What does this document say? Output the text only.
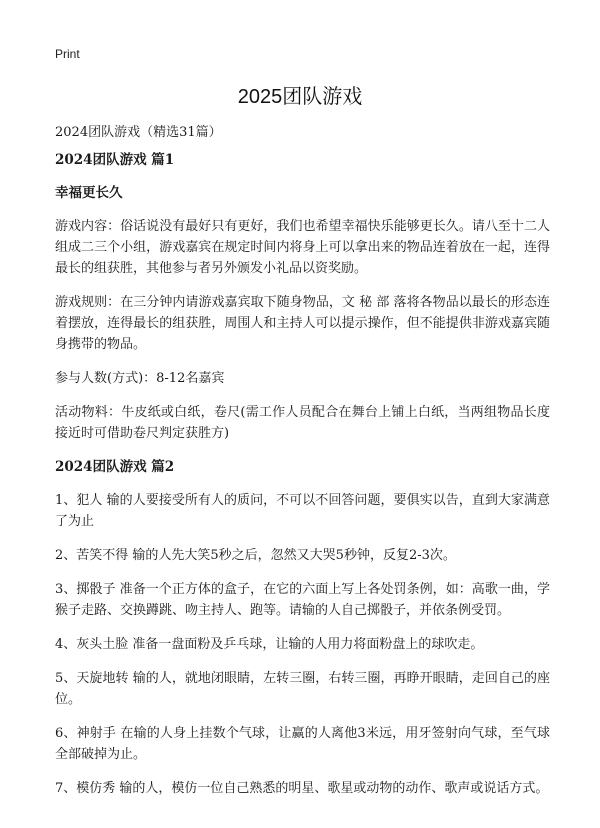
Print
2025团队游戏
2024团队游戏（精选31篇）
2024团队游戏 篇1
幸福更长久

游戏内容：俗话说没有最好只有更好，我们也希望幸福快乐能够更长久。请八至十二人组成二三个小组，游戏嘉宾在规定时间内将身上可以拿出来的物品连着放在一起，连得最长的组获胜，其他参与者另外颁发小礼品以资奖励。

游戏规则：在三分钟内请游戏嘉宾取下随身物品，文 秘 部 落将各物品以最长的形态连着摆放，连得最长的组获胜，周围人和主持人可以提示操作，但不能提供非游戏嘉宾随身携带的物品。

参与人数(方式)：8-12名嘉宾

活动物料：牛皮纸或白纸，卷尺(需工作人员配合在舞台上铺上白纸，当两组物品长度接近时可借助卷尺判定获胜方)

2024团队游戏 篇2

1、犯人 输的人要接受所有人的质问，不可以不回答问题，要俱实以告，直到大家满意了为止

2、苦笑不得 输的人先大笑5秒之后，忽然又大哭5秒钟，反复2-3次。

3、掷骰子 准备一个正方体的盒子，在它的六面上写上各处罚条例，如：高歌一曲，学猴子走路、交换蹲跳、吻主持人、跑等。请输的人自己掷骰子，并依条例受罚。

4、灰头土脸 准备一盘面粉及乒乓球，让输的人用力将面粉盘上的球吹走。

5、天旋地转 输的人，就地闭眼睛，左转三圈，右转三圈，再睁开眼睛，走回自己的座位。

6、神射手 在输的人身上挂数个气球，让赢的人离他3米远，用牙签射向气球，至气球全部破掉为止。

7、模仿秀 输的人，模仿一位自己熟悉的明星、歌星或动物的动作、歌声或说话方式。
